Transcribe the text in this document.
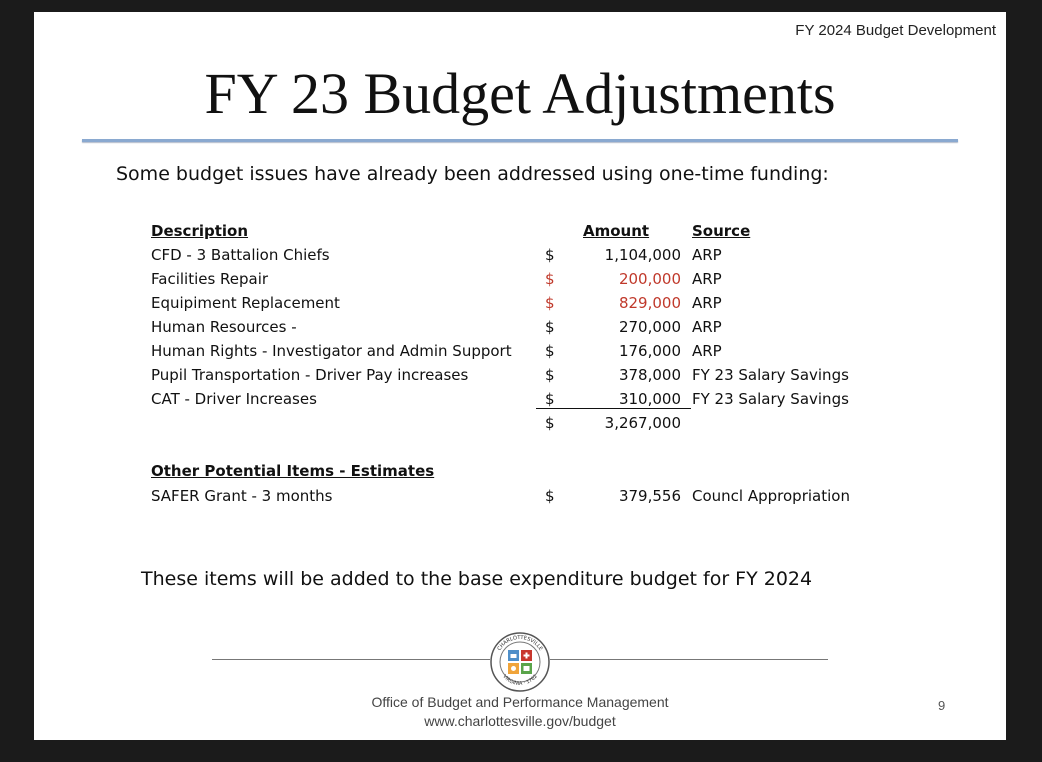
FY 2024 Budget Development
FY 23 Budget Adjustments
Some budget issues have already been addressed using one-time funding:
Description	Amount	Source
CFD - 3 Battalion Chiefs	$	1,104,000 ARP
Facilities Repair	$	200,000 ARP
Equipiment Replacement	$	829,000 ARP
Human Resources -	$	270,000 ARP
Human Rights - Investigator and Admin Support $	176,000 ARP
Pupil Transportation - Driver Pay increases	$	378,000 FY 23 Salary Savings
CAT - Driver Increases	$	310,000 FY 23 Salary Savings
$	3,267,000
Other Potential Items - Estimates
SAFER Grant - 3 months	$	379,556 Councl Appropriation
These items will be added to the base expenditure budget for FY 2024
CHARLOTTESVILLE
VIRGINIA · 1762
Office of Budget and Performance Management
www.charlottesville.gov/budget
9
